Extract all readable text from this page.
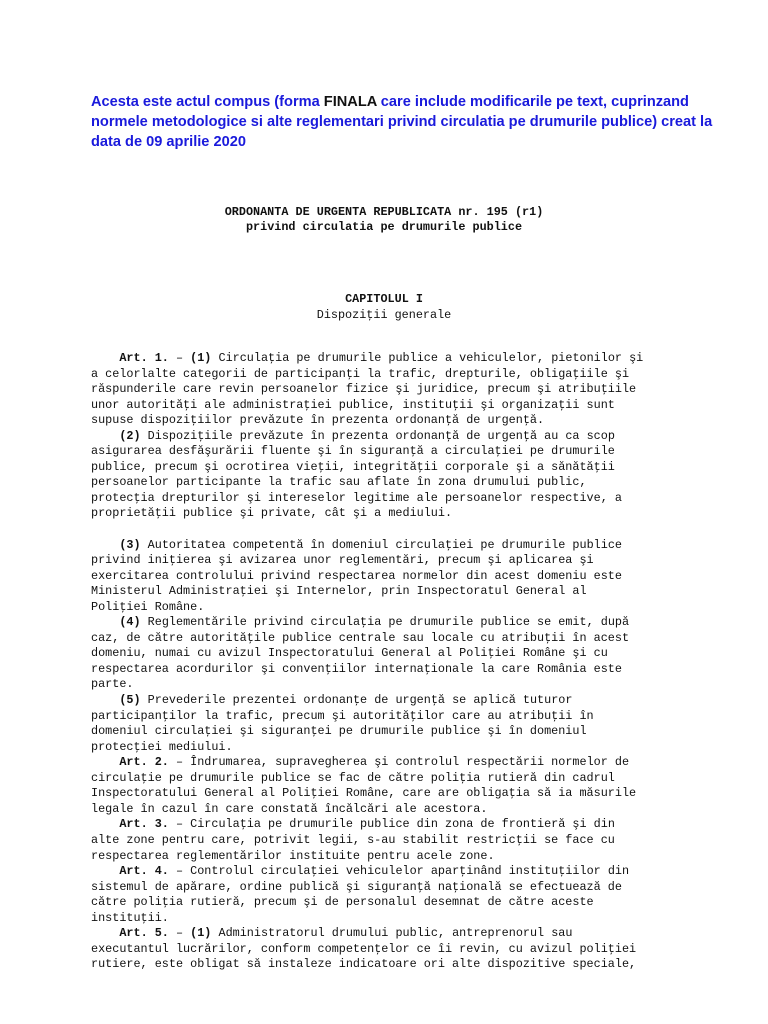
Acesta este actul compus (forma FINALA care include modificarile pe text, cuprinzand normele metodologice si alte reglementari privind circulatia pe drumurile publice) creat la data de 09 aprilie 2020
ORDONANTA DE URGENTA REPUBLICATA nr. 195 (r1)
privind circulatia pe drumurile publice
CAPITOLUL I
Dispoziţii generale
Art. 1. – (1) Circulaţia pe drumurile publice a vehiculelor, pietonilor şi
a celorlalte categorii de participanţi la trafic, drepturile, obligaţiile şi
răspunderile care revin persoanelor fizice şi juridice, precum şi atribuţiile
unor autorităţi ale administraţiei publice, instituţii şi organizaţii sunt
supuse dispoziţiilor prevăzute în prezenta ordonanţă de urgenţă.
(2) Dispoziţiile prevăzute în prezenta ordonanţă de urgenţă au ca scop
asigurarea desfăşurării fluente şi în siguranţă a circulaţiei pe drumurile
publice, precum şi ocrotirea vieţii, integrităţii corporale şi a sănătăţii
persoanelor participante la trafic sau aflate în zona drumului public,
protecţia drepturilor şi intereselor legitime ale persoanelor respective, a
proprietăţii publice şi private, cât şi a mediului.
(3) Autoritatea competentă în domeniul circulaţiei pe drumurile publice
privind iniţierea şi avizarea unor reglementări, precum şi aplicarea şi
exercitarea controlului privind respectarea normelor din acest domeniu este
Ministerul Administraţiei şi Internelor, prin Inspectoratul General al
Poliţiei Române.
(4) Reglementările privind circulaţia pe drumurile publice se emit, după
caz, de către autorităţile publice centrale sau locale cu atribuţii în acest
domeniu, numai cu avizul Inspectoratului General al Poliţiei Române şi cu
respectarea acordurilor şi convenţiilor internaţionale la care România este
parte.
(5) Prevederile prezentei ordonanţe de urgenţă se aplică tuturor
participanţilor la trafic, precum şi autorităţilor care au atribuţii în
domeniul circulaţiei şi siguranţei pe drumurile publice şi în domeniul
protecţiei mediului.
Art. 2. – Îndrumarea, supravegherea şi controlul respectării normelor de
circulaţie pe drumurile publice se fac de către poliţia rutieră din cadrul
Inspectoratului General al Poliţiei Române, care are obligaţia să ia măsurile
legale în cazul în care constată încălcări ale acestora.
Art. 3. – Circulaţia pe drumurile publice din zona de frontieră şi din
alte zone pentru care, potrivit legii, s-au stabilit restricţii se face cu
respectarea reglementărilor instituite pentru acele zone.
Art. 4. – Controlul circulaţiei vehiculelor aparţinând instituţiilor din
sistemul de apărare, ordine publică şi siguranţă naţională se efectuează de
către poliţia rutieră, precum şi de personalul desemnat de către aceste
instituţii.
Art. 5. – (1) Administratorul drumului public, antreprenorul sau
executantul lucrărilor, conform competenţelor ce îi revin, cu avizul poliţiei
rutiere, este obligat să instaleze indicatoare ori alte dispozitive speciale,
